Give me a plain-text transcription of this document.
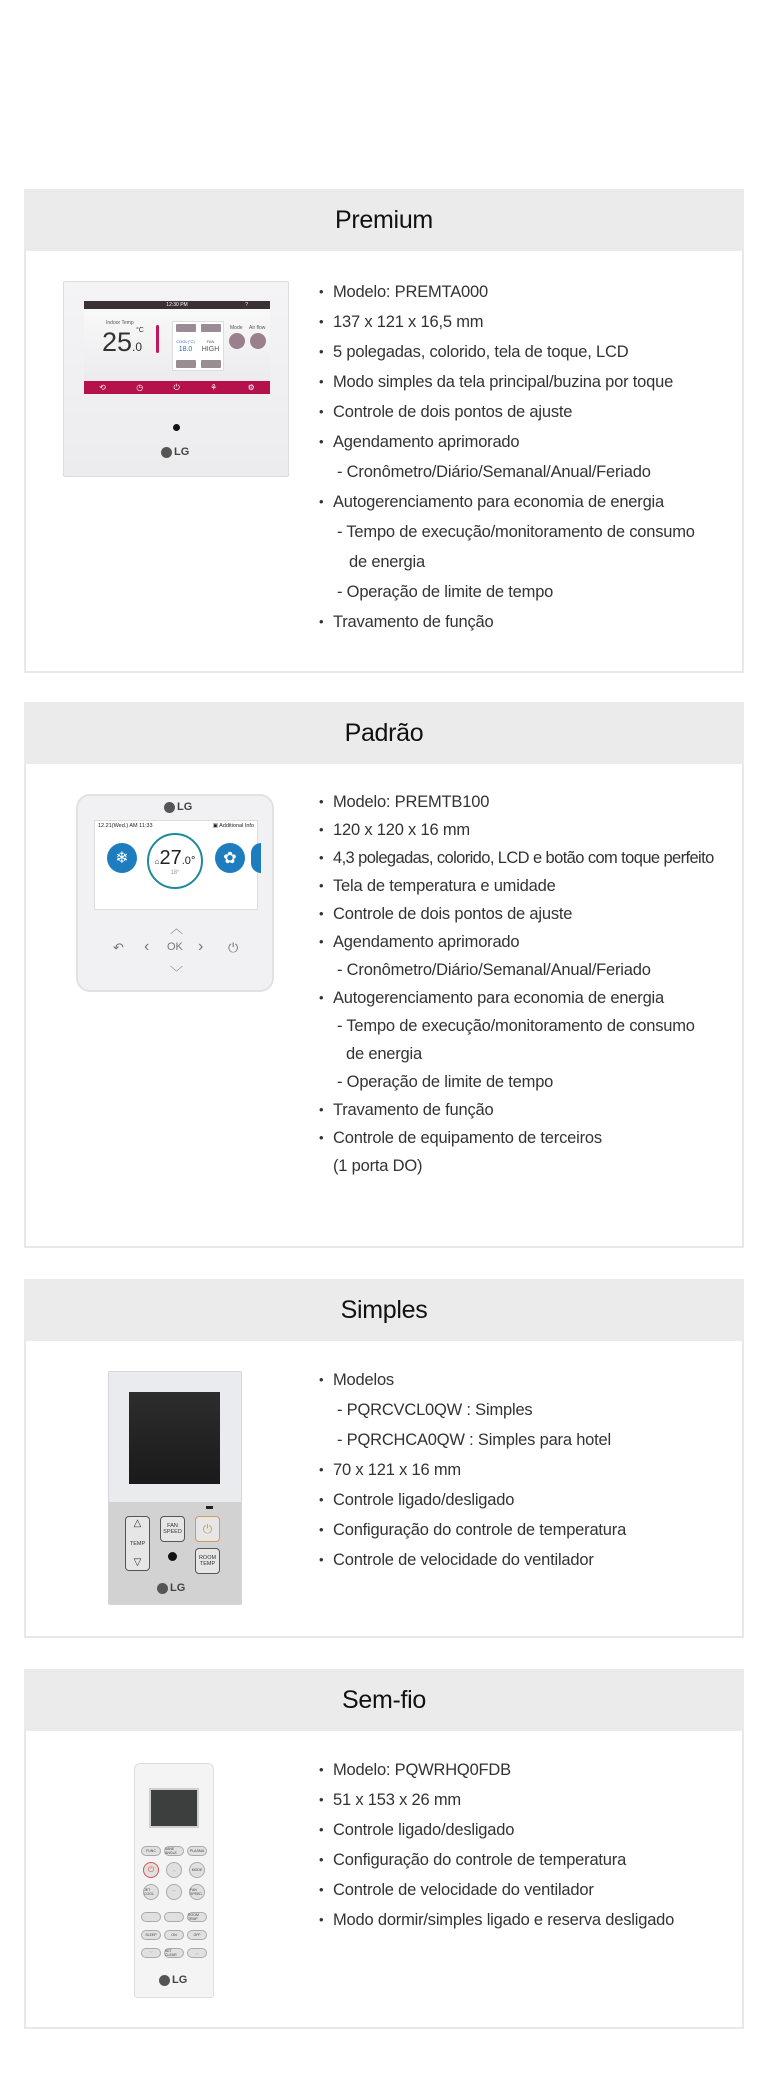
Premium
12:30 PM	?
Indoor Temp
25.0
°C
COOL(°C)
18.0
FAN
HIGH
Mode Air flow
⟲	◷	⏻	⚘	⚙
LG
• Modelo: PREMTA000
• 137 x 121 x 16,5 mm
• 5 polegadas, colorido, tela de toque, LCD
• Modo simples da tela principal/buzina por toque
• Controle de dois pontos de ajuste
• Agendamento aprimorado
- Cronômetro/Diário/Semanal/Anual/Feriado
• Autogerenciamento para economia de energia
- Tempo de execução/monitoramento de consumo
de energia
- Operação de limite de tempo
• Travamento de função
Padrão
LG
12.21(Wed.) AM 11:33	▣ Additional Info
❄	⌂27.0°
18°
✿
︿
↶ ‹ OK › ⏻
﹀
• Modelo: PREMTB100
• 120 x 120 x 16 mm
• 4,3 polegadas, colorido, LCD e botão com toque perfeito
• Tela de temperatura e umidade
• Controle de dois pontos de ajuste
• Agendamento aprimorado
- Cronômetro/Diário/Semanal/Anual/Feriado
• Autogerenciamento para economia de energia
- Tempo de execução/monitoramento de consumo
de energia
- Operação de limite de tempo
• Travamento de função
• Controle de equipamento de terceiros
(1 porta DO)
Simples
△
TEMP
▽
FAN SPEED	⏻
ROOM TEMP
LG
• Modelos
- PQRCVCL0QW : Simples
- PQRCHCA0QW : Simples para hotel
• 70 x 121 x 16 mm
• Controle ligado/desligado
• Configuração do controle de temperatura
• Controle de velocidade do ventilador
Sem-fio
FUNC	VANE ANGLE	PLASMA
⏻	︿	MODE
JET COOL
﹀	FAN SPEED
ROOM TEMP
SLEEP	ON	OFF
﹀	SET CLEAR
︿
LG
• Modelo: PQWRHQ0FDB
• 51 x 153 x 26 mm
• Controle ligado/desligado
• Configuração do controle de temperatura
• Controle de velocidade do ventilador
• Modo dormir/simples ligado e reserva desligado
